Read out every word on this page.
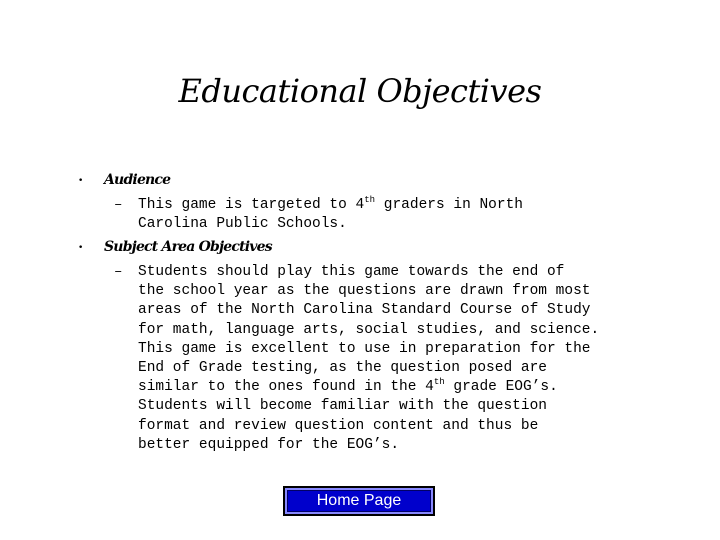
Educational Objectives
• Audience
– This game is targeted to 4th graders in North
Carolina Public Schools.
• Subject Area Objectives
– Students should play this game towards the end of
the school year as the questions are drawn from most
areas of the North Carolina Standard Course of Study
for math, language arts, social studies, and science.
This game is excellent to use in preparation for the
End of Grade testing, as the question posed are
similar to the ones found in the 4th grade EOG’s.
Students will become familiar with the question
format and review question content and thus be
better equipped for the EOG’s.
Home Page
